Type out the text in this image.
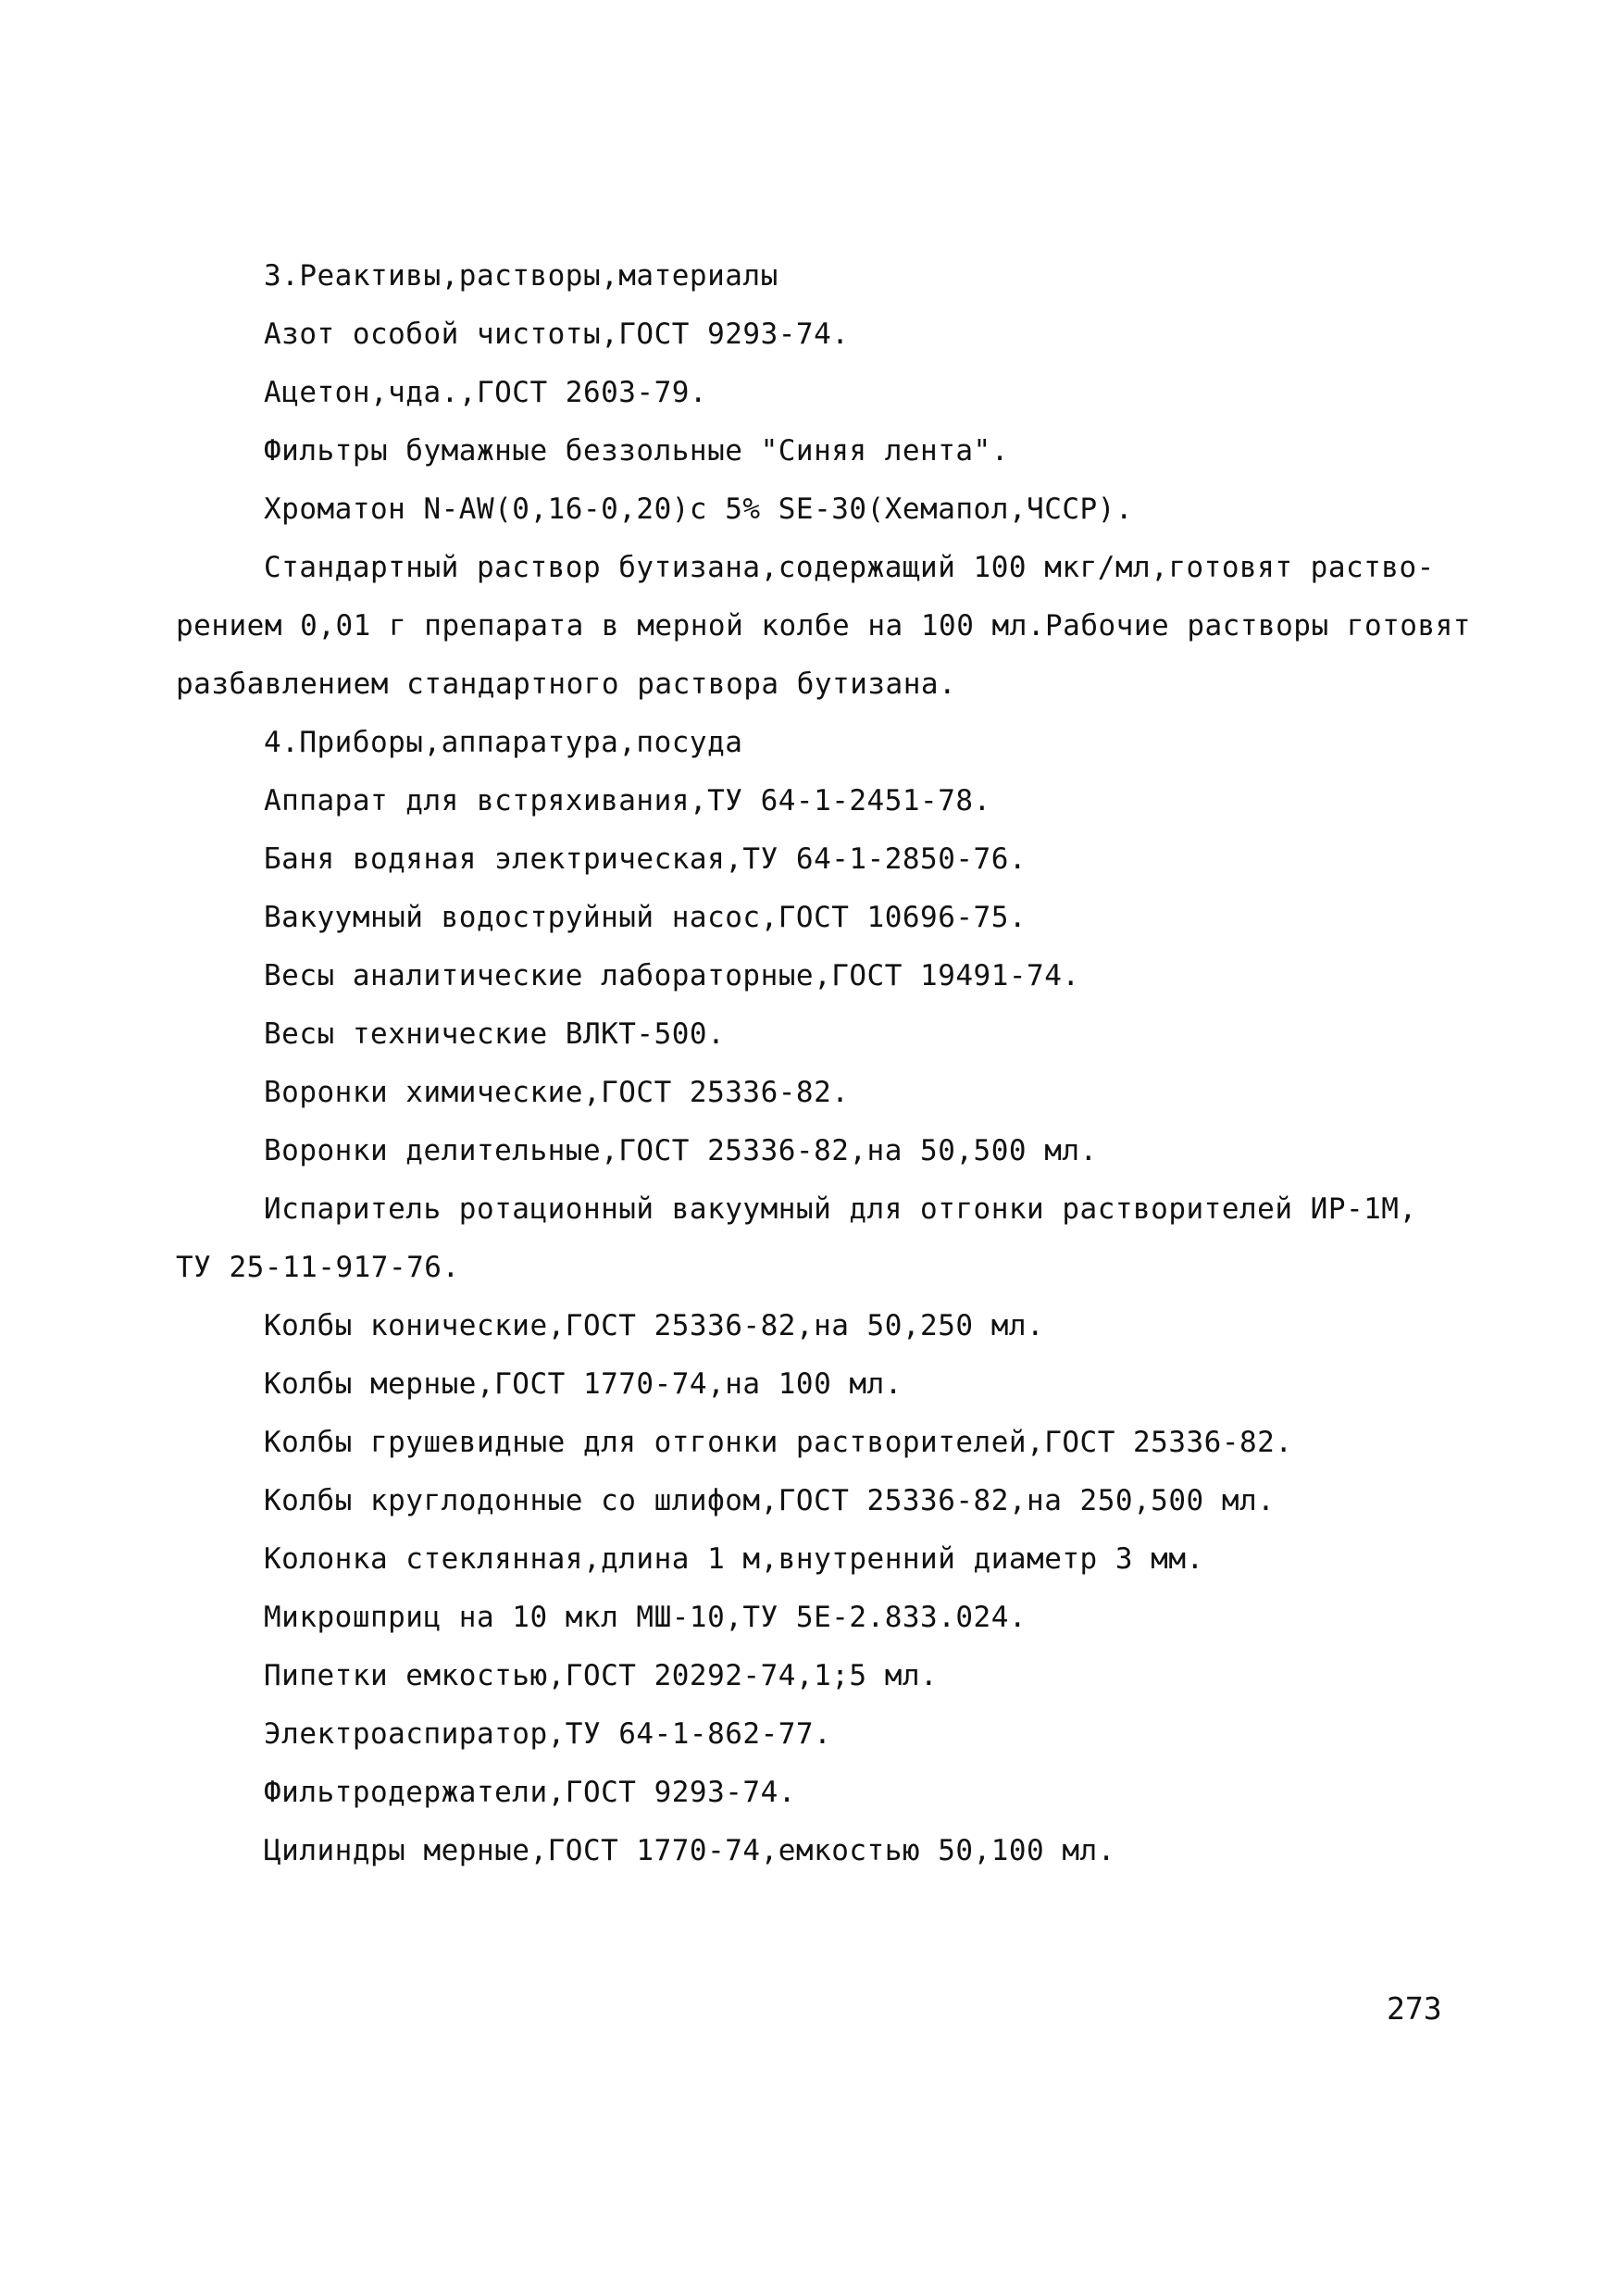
3.Реактивы,растворы,материалы
Азот особой чистоты,ГОСТ 9293-74.
Ацетон,чда.,ГОСТ 2603-79.
Фильтры бумажные беззольные "Синяя лента".
Хроматон N-AW(0,16-0,20)с 5% SE-30(Хемапол,ЧССР).
Стандартный раствор бутизана,содержащий 100 мкг/мл,готовят раство-
рением 0,01 г препарата в мерной колбе на 100 мл.Рабочие растворы готовят
разбавлением стандартного раствора бутизана.
4.Приборы,аппаратура,посуда
Аппарат для встряхивания,ТУ 64-1-2451-78.
Баня водяная электрическая,ТУ 64-1-2850-76.
Вакуумный водоструйный насос,ГОСТ 10696-75.
Весы аналитические лабораторные,ГОСТ 19491-74.
Весы технические ВЛКТ-500.
Воронки химические,ГОСТ 25336-82.
Воронки делительные,ГОСТ 25336-82,на 50,500 мл.
Испаритель ротационный вакуумный для отгонки растворителей ИР-1М,
ТУ 25-11-917-76.
Колбы конические,ГОСТ 25336-82,на 50,250 мл.
Колбы мерные,ГОСТ 1770-74,на 100 мл.
Колбы грушевидные для отгонки растворителей,ГОСТ 25336-82.
Колбы круглодонные со шлифом,ГОСТ 25336-82,на 250,500 мл.
Колонка стеклянная,длина 1 м,внутренний диаметр 3 мм.
Микрошприц на 10 мкл МШ-10,ТУ 5Е-2.833.024.
Пипетки емкостью,ГОСТ 20292-74,1;5 мл.
Электроаспиратор,ТУ 64-1-862-77.
Фильтродержатели,ГОСТ 9293-74.
Цилиндры мерные,ГОСТ 1770-74,емкостью 50,100 мл.
273
